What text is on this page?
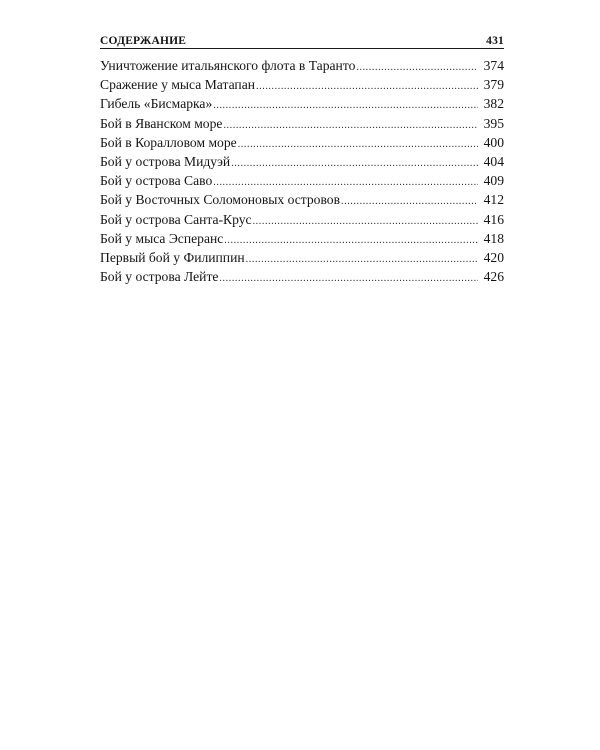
СОДЕРЖАНИЕ	431
Уничтожение итальянского флота в Таранто .....	374
Сражение у мыса Матапан .....	379
Гибель «Бисмарка» .....	382
Бой в Яванском море .....	395
Бой в Коралловом море .....	400
Бой у острова Мидуэй .....	404
Бой у острова Саво .....	409
Бой у Восточных Соломоновых островов .....	412
Бой у острова Санта-Крус .....	416
Бой у мыса Эсперанс .....	418
Первый бой у Филиппин .....	420
Бой у острова Лейте .....	426
